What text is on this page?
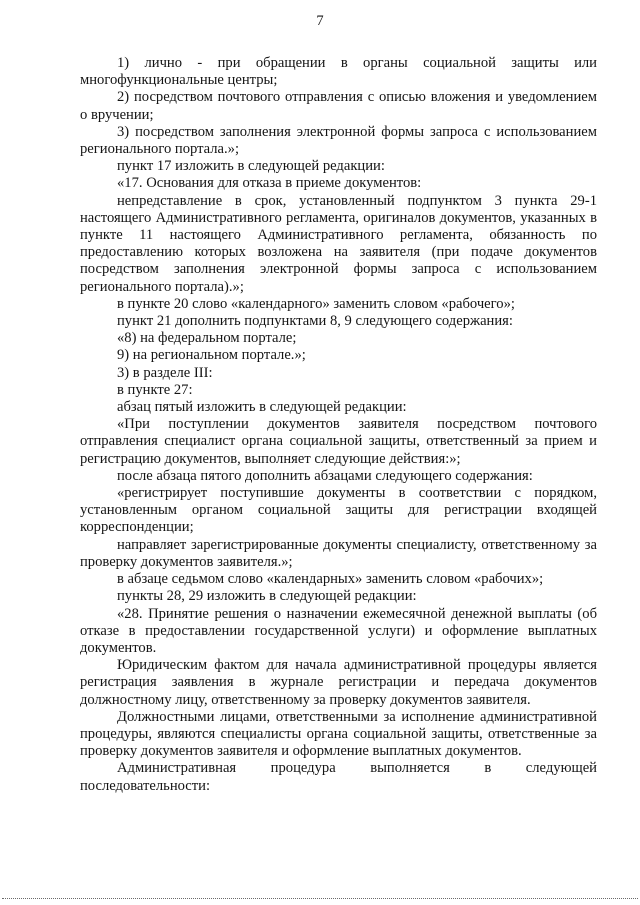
7

1) лично - при обращении в органы социальной защиты или многофункциональные центры;

2) посредством почтового отправления с описью вложения и уведомлением о вручении;

3) посредством заполнения электронной формы запроса с использованием регионального портала.»;

пункт 17 изложить в следующей редакции:

«17. Основания для отказа в приеме документов:

непредставление в срок, установленный подпунктом 3 пункта 29-1 настоящего Административного регламента, оригиналов документов, указанных в пункте 11 настоящего Административного регламента, обязанность по предоставлению которых возложена на заявителя (при подаче документов посредством заполнения электронной формы запроса с использованием регионального портала).»;

в пункте 20 слово «календарного» заменить словом «рабочего»;

пункт 21 дополнить подпунктами 8, 9 следующего содержания:

«8) на федеральном портале;

9) на региональном портале.»;

3) в разделе III:

в пункте 27:

абзац пятый изложить в следующей редакции:

«При поступлении документов заявителя посредством почтового отправления специалист органа социальной защиты, ответственный за прием и регистрацию документов, выполняет следующие действия:»;

после абзаца пятого дополнить абзацами следующего содержания:

«регистрирует поступившие документы в соответствии с порядком, установленным органом социальной защиты для регистрации входящей корреспонденции;

направляет зарегистрированные документы специалисту, ответственному за проверку документов заявителя.»;

в абзаце седьмом слово «календарных» заменить словом «рабочих»;

пункты 28, 29 изложить в следующей редакции:

«28. Принятие решения о назначении ежемесячной денежной выплаты (об отказе в предоставлении государственной услуги) и оформление выплатных документов.

Юридическим фактом для начала административной процедуры является регистрация заявления в журнале регистрации и передача документов должностному лицу, ответственному за проверку документов заявителя.

Должностными лицами, ответственными за исполнение административной процедуры, являются специалисты органа социальной защиты, ответственные за проверку документов заявителя и оформление выплатных документов.

Административная процедура выполняется в следующей последовательности:
